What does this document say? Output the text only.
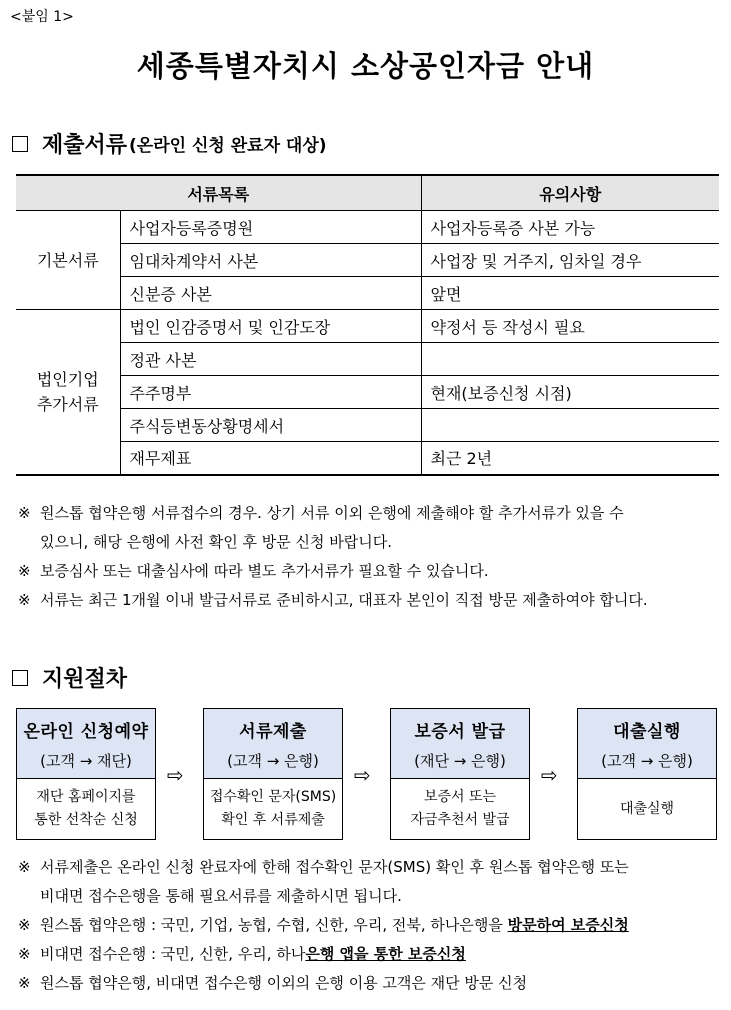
<붙임 1>
세종특별자치시 소상공인자금 안내
제출서류 (온라인 신청 완료자 대상)
서류목록		유의사항
기본서류	사업자등록증명원	사업자등록증 사본 가능
	임대차계약서 사본	사업장 및 거주지, 임차일 경우
	신분증 사본	앞면
법인기업
추가서류	법인 인감증명서 및 인감도장	약정서 등 작성시 필요
	정관 사본	
	주주명부	현재(보증신청 시점)
	주식등변동상황명세서	
	재무제표	최근 2년
※ 원스톱 협약은행 서류접수의 경우. 상기 서류 이외 은행에 제출해야 할 추가서류가 있을 수
있으니, 해당 은행에 사전 확인 후 방문 신청 바랍니다.
※ 보증심사 또는 대출심사에 따라 별도 추가서류가 필요할 수 있습니다.
※ 서류는 최근 1개월 이내 발급서류로 준비하시고, 대표자 본인이 직접 방문 제출하여야 합니다.
지원절차
온라인 신청예약
(고객 → 재단)
재단 홈페이지를
통한 선착순 신청
⇨
서류제출
(고객 → 은행)
접수확인 문자(SMS)
확인 후 서류제출
⇨
보증서 발급
(재단 → 은행)
보증서 또는
자금추천서 발급
⇨
대출실행
(고객 → 은행)
대출실행
※ 서류제출은 온라인 신청 완료자에 한해 접수확인 문자(SMS) 확인 후 원스톱 협약은행 또는
비대면 접수은행을 통해 필요서류를 제출하시면 됩니다.
※ 원스톱 협약은행 : 국민, 기업, 농협, 수협, 신한, 우리, 전북, 하나은행을 방문하여 보증신청
※ 비대면 접수은행 : 국민, 신한, 우리, 하나은행 앱을 통한 보증신청
※ 원스톱 협약은행, 비대면 접수은행 이외의 은행 이용 고객은 재단 방문 신청
